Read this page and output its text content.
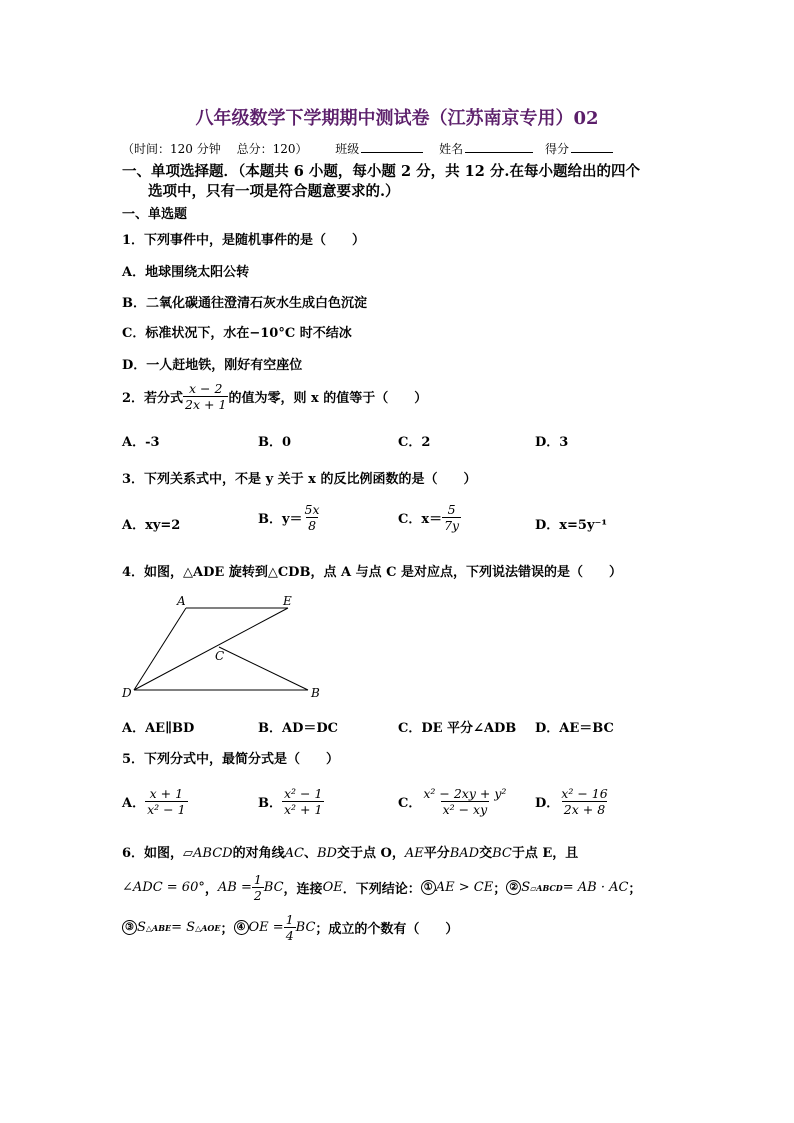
八年级数学下学期期中测试卷（江苏南京专用）02
（时间：120 分钟 总分：120） 班级	姓名	得分
一、单项选择题．（本题共 6 小题，每小题 2 分，共 12 分.在每小题给出的四个
选项中，只有一项是符合题意要求的.）
一、单选题
1．下列事件中，是随机事件的是（　　）
A．地球围绕太阳公转
B．二氧化碳通往澄清石灰水生成白色沉淀
C．标准状况下，水在−10°C 时不结冰
D．一人赶地铁，刚好有空座位
2．若分式 $\frac{x - 2}{2x + 1}$ 的值为零，则 x 的值等于（　　）
A．-3	B．0	C．2	D．3
3．下列关系式中，不是 y 关于 x 的反比例函数的是（　　）
A．xy=2	B．$y= \frac{5x}{8}$	C．$x= \frac{5}{7y}$	D．x=5y⁻¹
4．如图，△ADE 旋转到△CDB，点 A 与点 C 是对应点，下列说法错误的是（　　）
A	E
C
D	B
A．AE∥BD	B．AD＝DC	C．DE 平分∠ADB D．AE＝BC
5．下列分式中，最简分式是（　　）
A． $\frac{x + 1}{\text{x² − 1}}$	B． $\frac{\text{x² − 1}}{\text{x² + 1}}$	C． $\frac{\text{x² − 2xy + y²}}{\text{x² − xy}}$ D． $\frac{\text{x² − 16}}{2x + 8}$
6．如图，▱ABCD的对角线AC、BD交于点 O，AE平分BAD交BC于点 E，且
∠ADC = 60° ， AB = $\frac{1}{2}$ BC ，连接 OE ．下列结论： ① AE > CE ； ② S ▱ABCD = AB · AC ；
③ S △ABE = S △AOE ； ④ OE = $\frac{1}{4}$ BC ；成立的个数有（　　）
